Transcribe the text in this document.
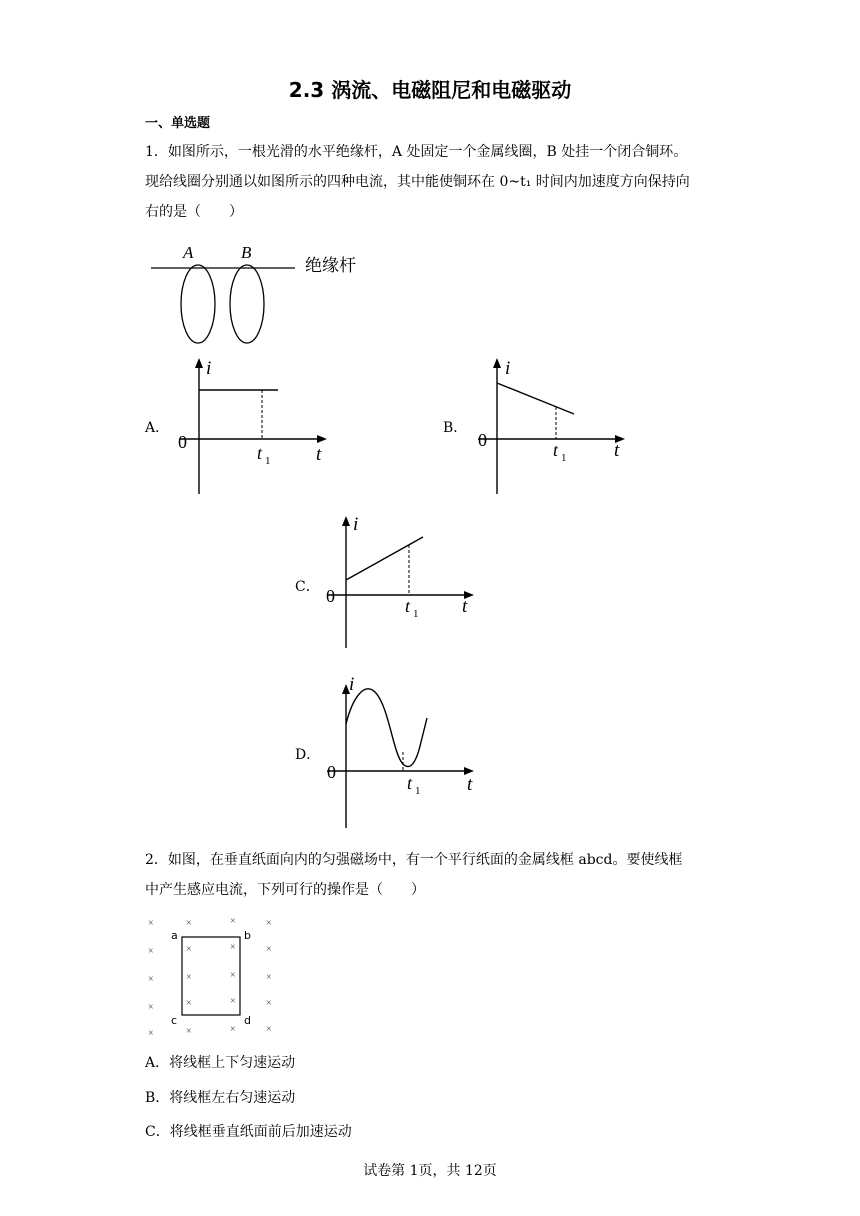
2.3 涡流、电磁阻尼和电磁驱动
一、单选题
1．如图所示，一根光滑的水平绝缘杆，A 处固定一个金属线圈，B 处挂一个闭合铜环。
现给线圈分别通以如图所示的四种电流，其中能使铜环在 0~t₁ 时间内加速度方向保持向
右的是（　　）
A	B
绝缘杆
A．
i
t
0
t 1
B．
i
t
0	t 1
C．
i
t
0	t 1
D．
i
t
0
t 1
2．如图，在垂直纸面向内的匀强磁场中，有一个平行纸面的金属线框 abcd。要使线框
中产生感应电流，下列可行的操作是（　　）
×	×	×	×
×	×
×	×
×	×
×	×	×	×
×	×
×	×
×	×
a	b
c	d
A．将线框上下匀速运动
B．将线框左右匀速运动
C．将线框垂直纸面前后加速运动
试卷第 1页，共 12页
